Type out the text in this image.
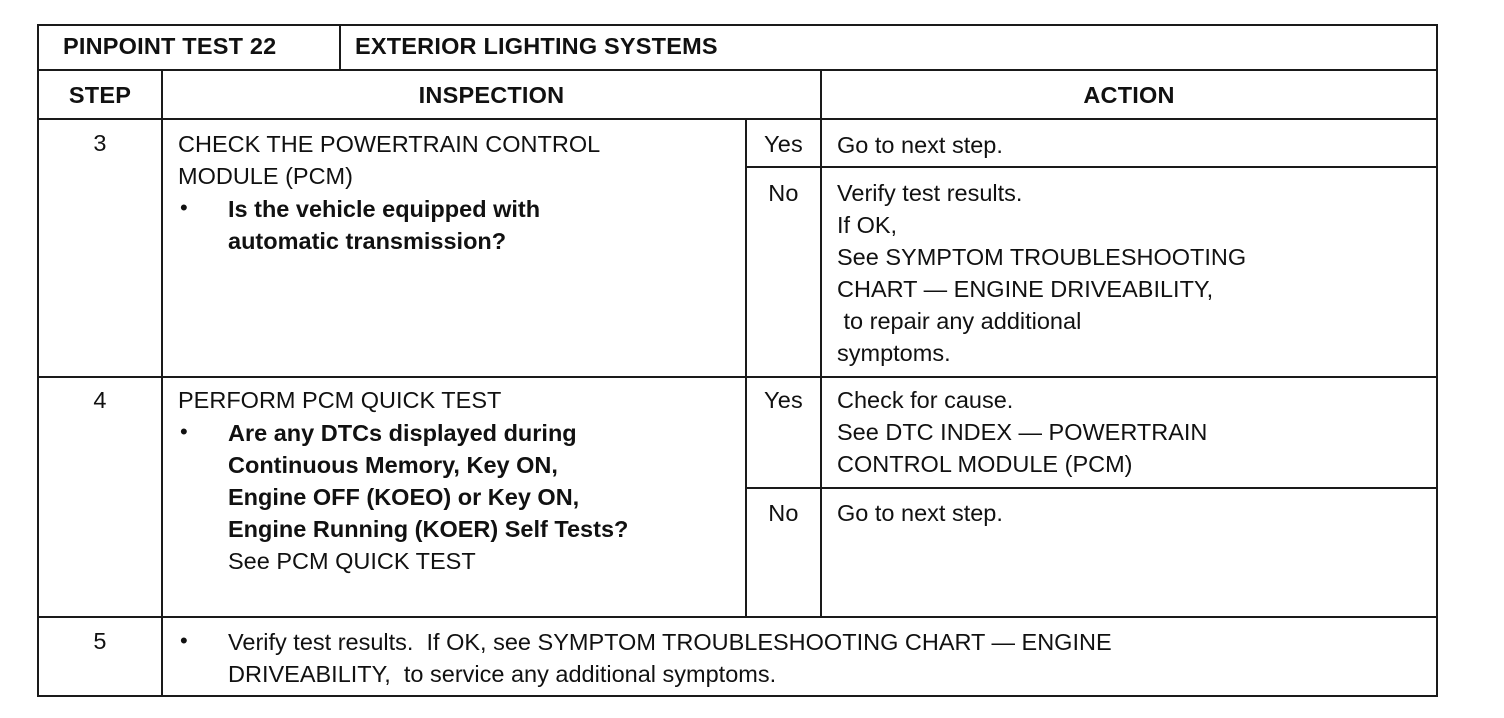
PINPOINT TEST 22	EXTERIOR LIGHTING SYSTEMS
STEP	INSPECTION	ACTION
3	CHECK THE POWERTRAIN CONTROL
MODULE (PCM)
• Is the vehicle equipped with
automatic transmission?
Yes	Go to next step.
No	Verify test results.
If OK,
See SYMPTOM TROUBLESHOOTING
CHART — ENGINE DRIVEABILITY,
to repair any additional
symptoms.
4	PERFORM PCM QUICK TEST
• Are any DTCs displayed during
Continuous Memory, Key ON,
Engine OFF (KOEO) or Key ON,
Engine Running (KOER) Self Tests?
See PCM QUICK TEST
Yes	Check for cause.
See DTC INDEX — POWERTRAIN
CONTROL MODULE (PCM)
No	Go to next step.
5	• Verify test results.  If OK, see SYMPTOM TROUBLESHOOTING CHART — ENGINE
DRIVEABILITY,  to service any additional symptoms.
